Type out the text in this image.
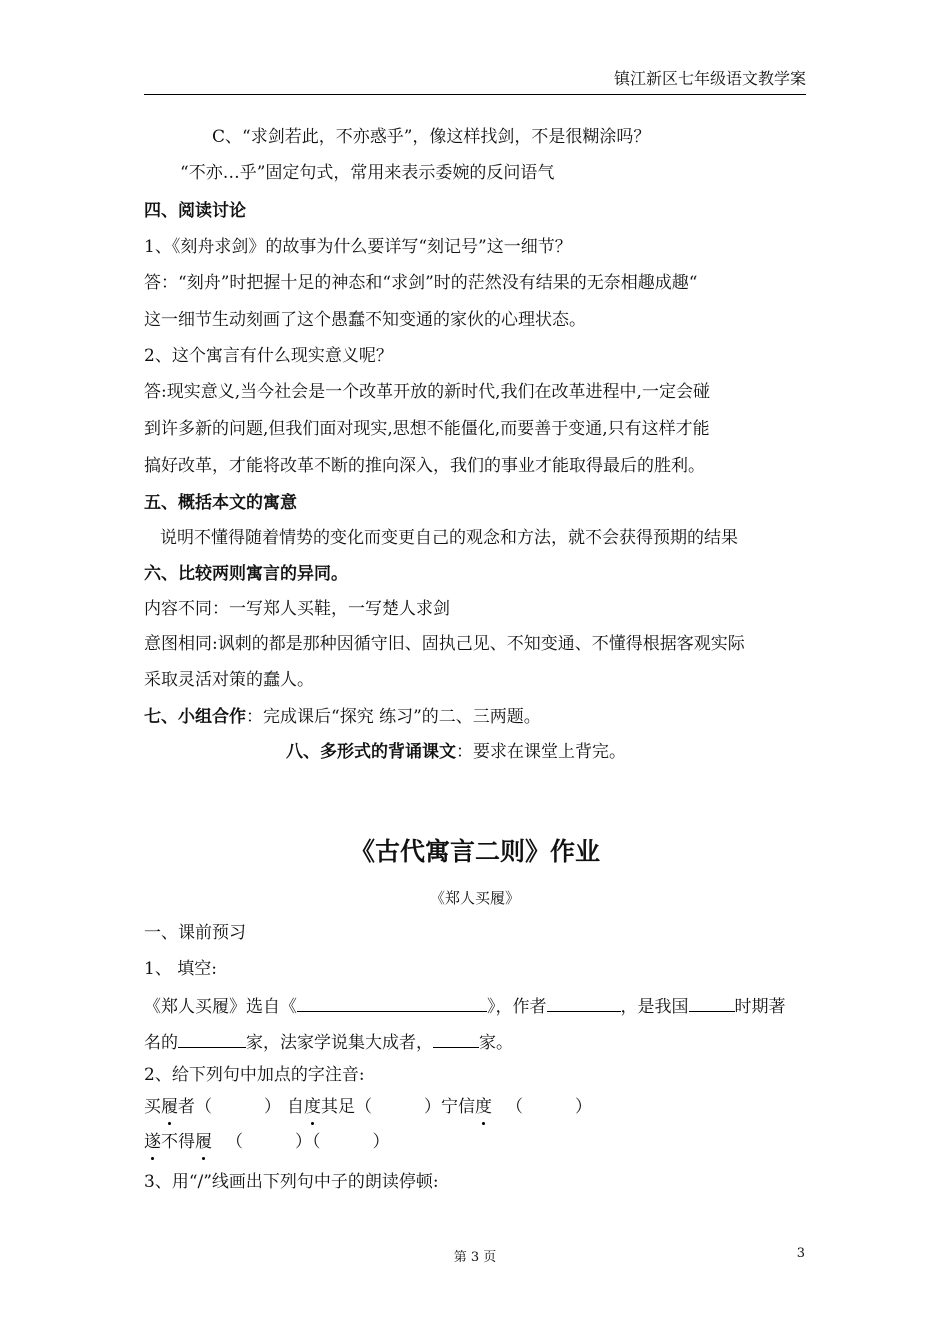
镇江新区七年级语文教学案
C、“求剑若此，不亦惑乎”，像这样找剑，不是很糊涂吗？
“不亦…乎”固定句式，常用来表示委婉的反问语气
四、阅读讨论
1、《刻舟求剑》的故事为什么要详写“刻记号”这一细节？
答：“刻舟”时把握十足的神态和“求剑”时的茫然没有结果的无奈相趣成趣“
这一细节生动刻画了这个愚蠢不知变通的家伙的心理状态。
2、这个寓言有什么现实意义呢？
答:现实意义,当今社会是一个改革开放的新时代,我们在改革进程中,一定会碰
到许多新的问题,但我们面对现实,思想不能僵化,而要善于变通,只有这样才能
搞好改革，才能将改革不断的推向深入，我们的事业才能取得最后的胜利。
五、概括本文的寓意
说明不懂得随着情势的变化而变更自己的观念和方法，就不会获得预期的结果
六、比较两则寓言的异同。
内容不同：一写郑人买鞋，一写楚人求剑
意图相同:讽刺的都是那种因循守旧、固执己见、不知变通、不懂得根据客观实际
采取灵活对策的蠢人。
七、小组合作：完成课后“探究 练习”的二、三两题。
八、多形式的背诵课文：要求在课堂上背完。
《古代寓言二则》作业
《郑人买履》
一、课前预习
1、 填空:
《郑人买履》选自《	》，作者	，是我国	时期著
名的	家，法家学说集大成者，	家。
2、给下列句中加点的字注音:
买履者（	） 自度其足（	）宁信度 （	）
遂不得履 （	）（	）
3、用“/”线画出下列句中子的朗读停顿:
第 3 页	3
